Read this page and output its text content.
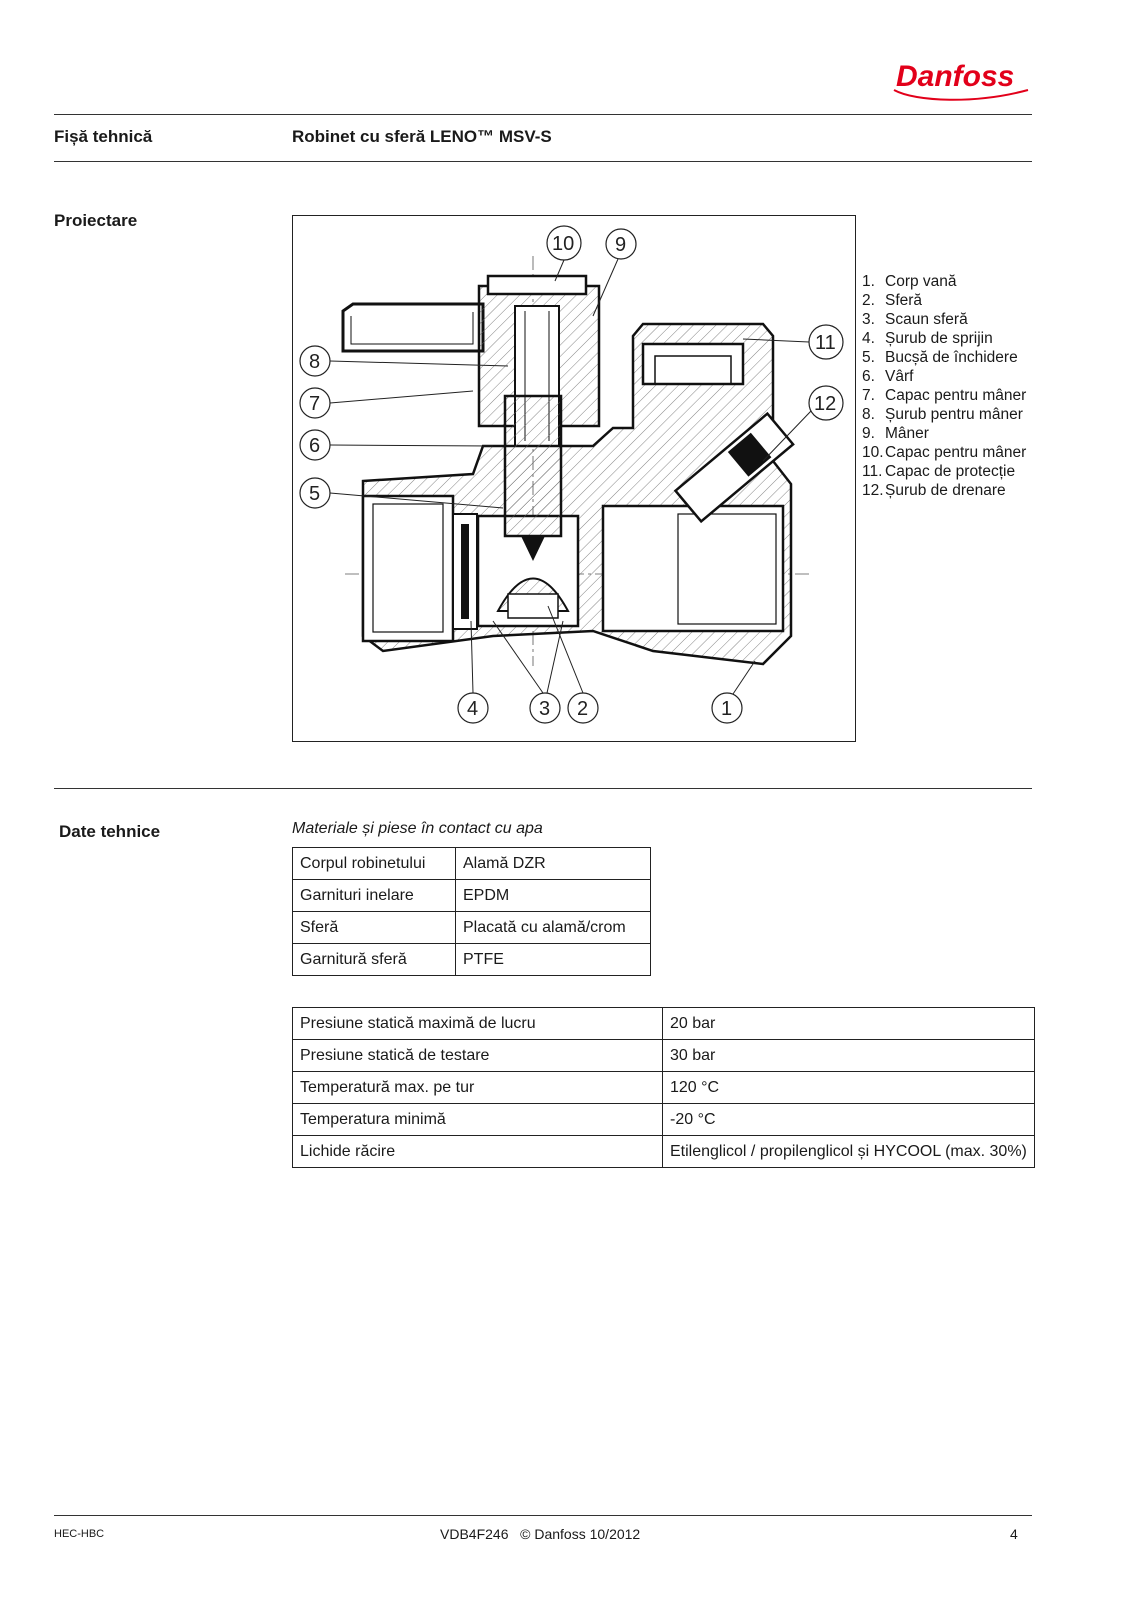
Danfoss
Fișă tehnică	Robinet cu sferă LENO™ MSV-S
Proiectare
10 9
8
7
6
5
11
12
4	3 2	1
1. Corp vană
2. Sferă
3. Scaun sferă
4. Șurub de sprijin
5. Bucșă de închidere
6. Vârf
7. Capac pentru mâner
8. Șurub pentru mâner
9. Mâner
10.Capac pentru mâner
11. Capac de protecție
12.Șurub de drenare
Date tehnice	Materiale și piese în contact cu apa
Corpul robinetului	Alamă DZR
Garnituri inelare	EPDM
Sferă	Placată cu alamă/crom
Garnitură sferă	PTFE
Presiune statică maximă de lucru	20 bar
Presiune statică de testare	30 bar
Temperatură max. pe tur	120 °C
Temperatura minimă	-20 °C
Lichide răcire	Etilenglicol / propilenglicol și HYCOOL (max. 30%)
HEC-HBC	VDB4F246   © Danfoss 10/2012	4
